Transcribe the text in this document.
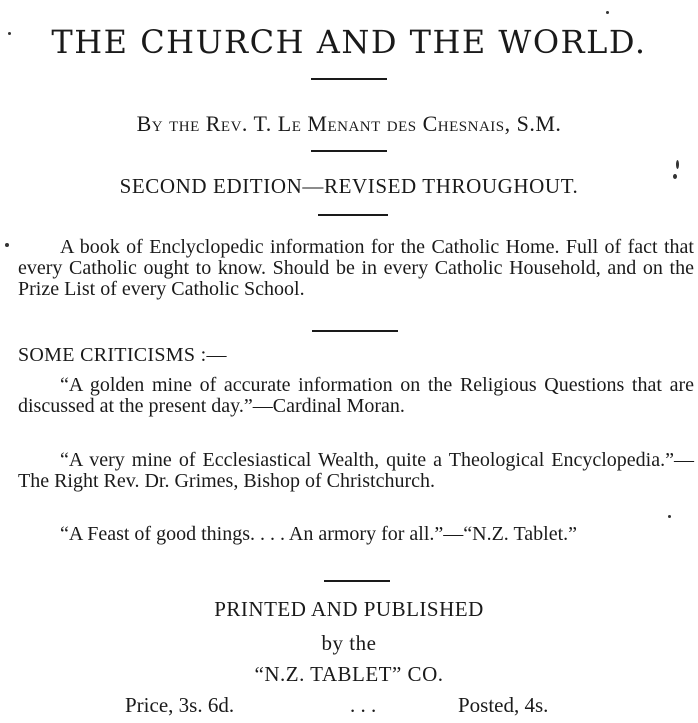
THE CHURCH AND THE WORLD.
By the Rev. T. Le Menant des Chesnais, S.M.
SECOND EDITION—REVISED THROUGHOUT.

A book of Enclyclopedic information for the Catholic Home. Full of fact that every Catholic ought to know. Should be in every Catholic Household, and on the Prize List of every Catholic School.

SOME CRITICISMS :—

“A golden mine of accurate information on the Religious Questions that are discussed at the present day.”—Cardinal Moran.

“A very mine of Ecclesiastical Wealth, quite a Theological Encyclopedia.”—The Right Rev. Dr. Grimes, Bishop of Christchurch.

“A Feast of good things. . . . An armory for all.”—“N.Z. Tablet.”

PRINTED AND PUBLISHED
by the
“N.Z. TABLET” CO.
Price, 3s. 6d.	. . .	Posted, 4s.
